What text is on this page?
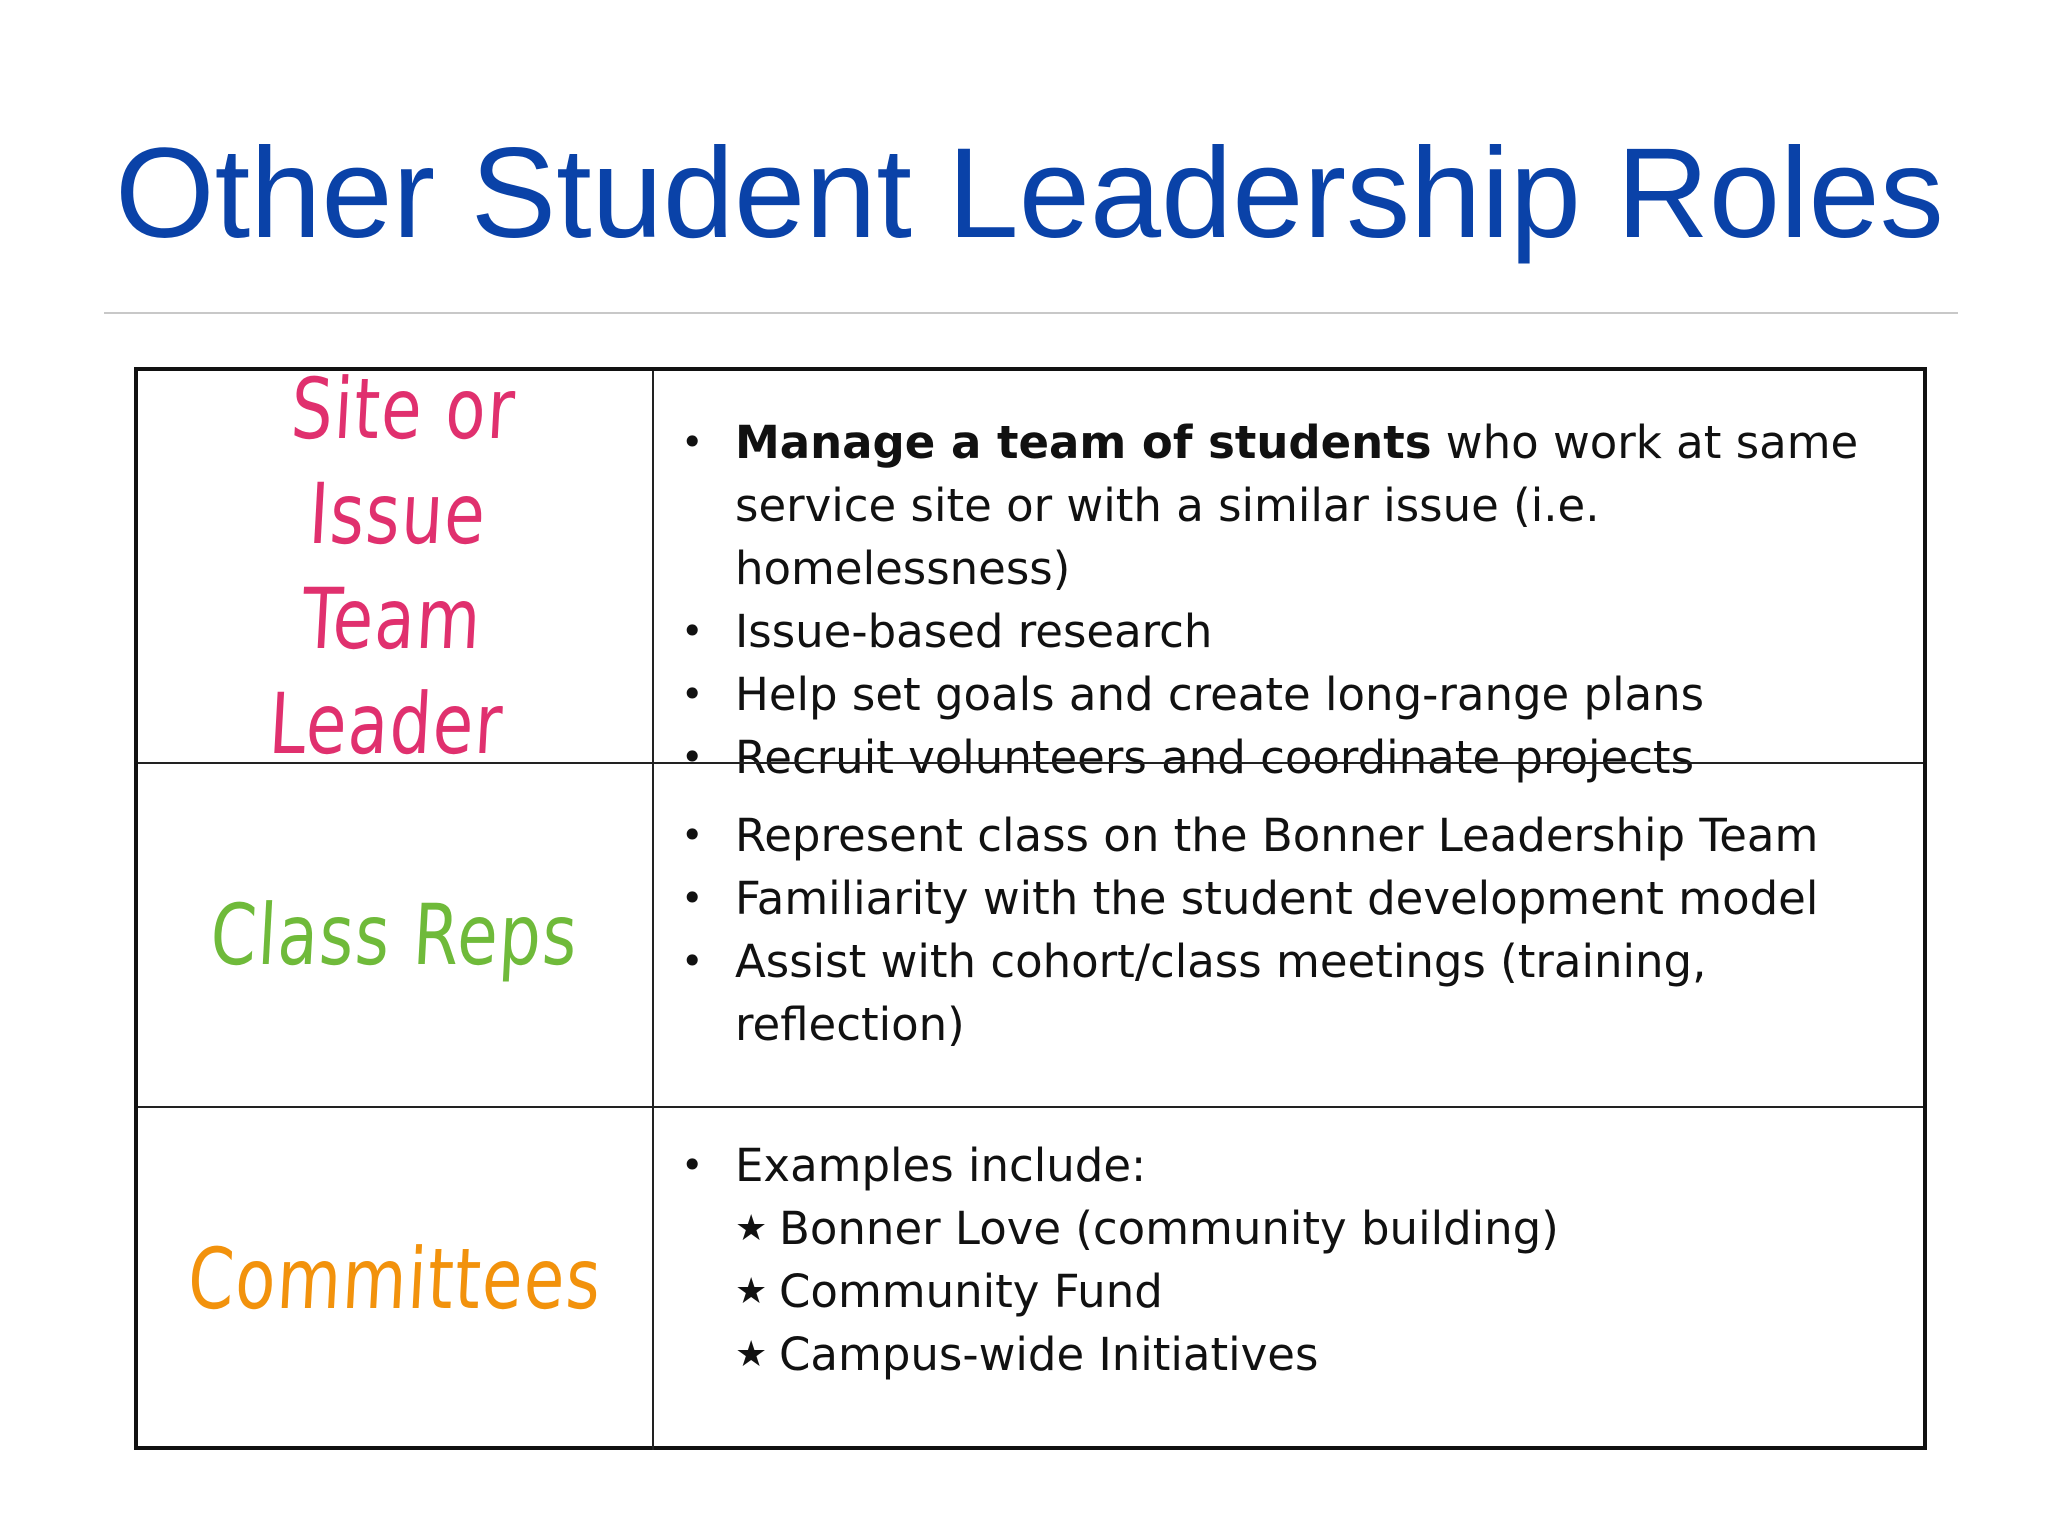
Other Student Leadership Roles
Site or Issue
Team Leader
• Manage a team of students who work at same service site or with a similar issue (i.e. homelessness)
• Issue-based research
• Help set goals and create long-range plans
• Recruit volunteers and coordinate projects
Class Reps
• Represent class on the Bonner Leadership Team
• Familiarity with the student development model
• Assist with cohort/class meetings (training, reflection)
Committees
• Examples include:
★ Bonner Love (community building)
★ Community Fund
★ Campus-wide Initiatives
